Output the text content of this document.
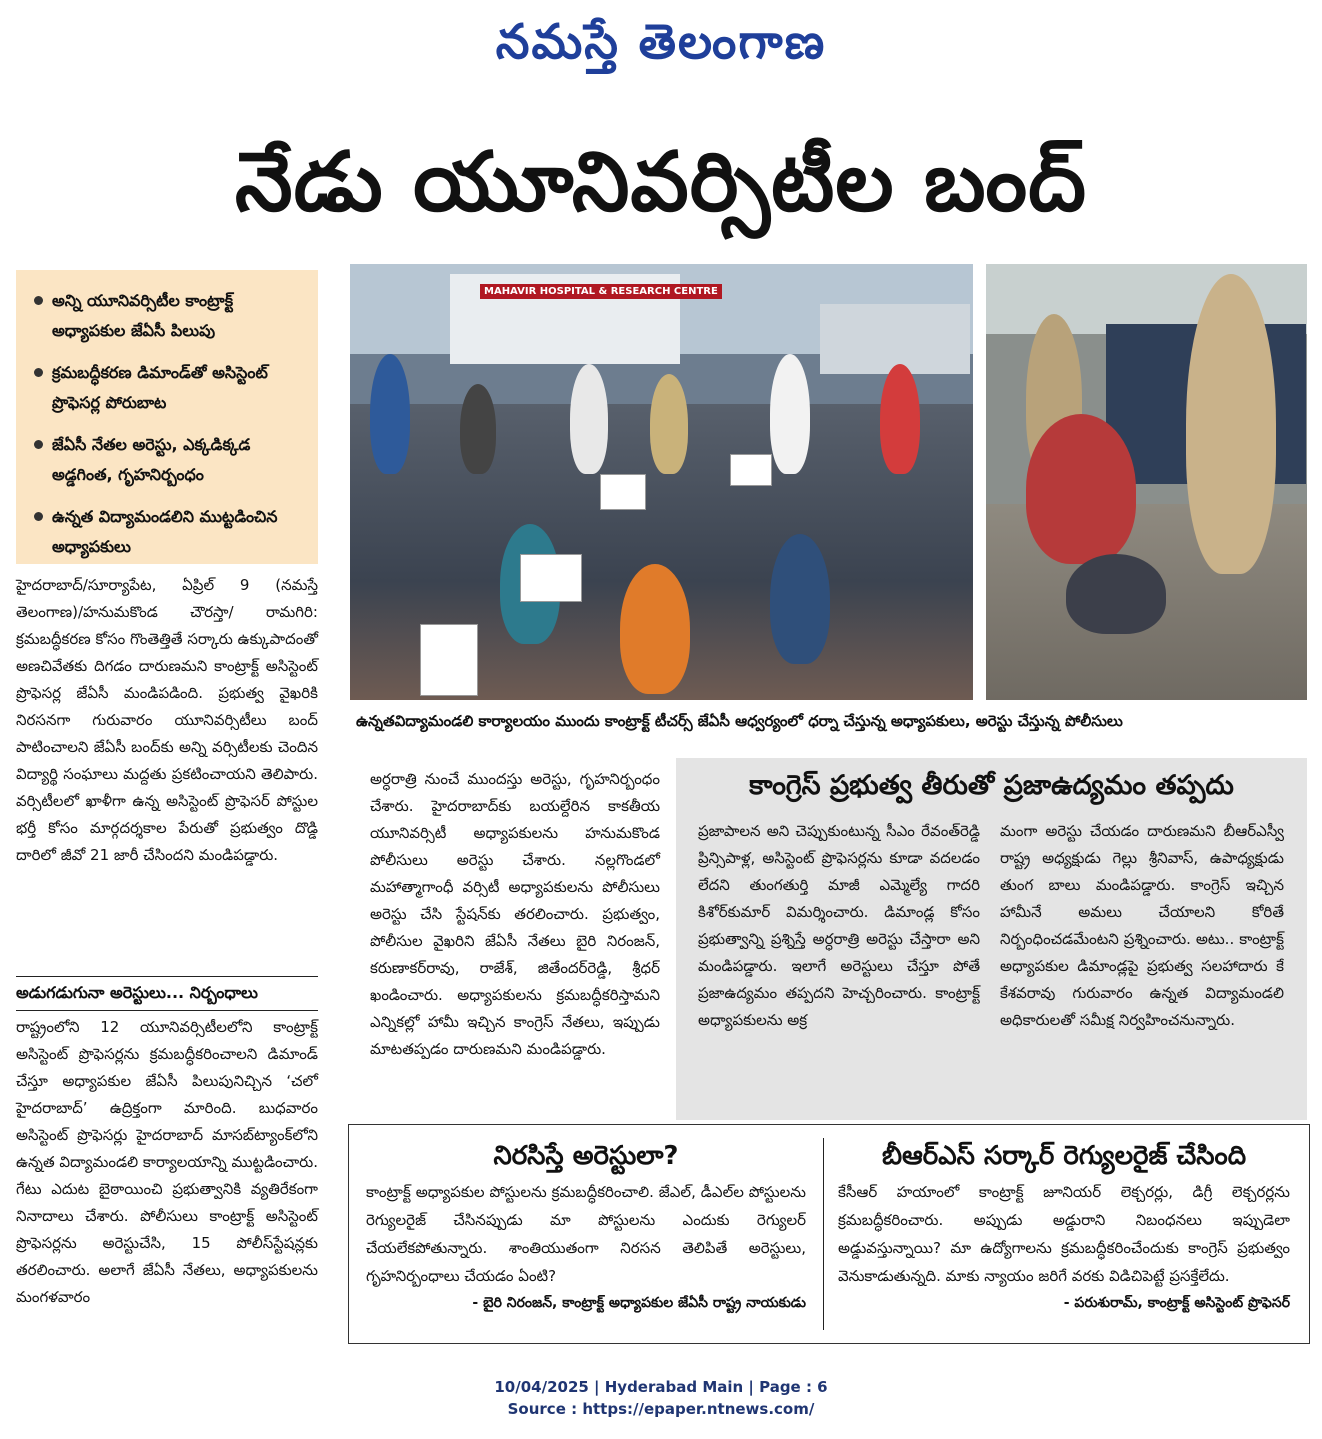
నమస్తే తెలంగాణ
నేడు యూనివర్సిటీల బంద్‌
అన్ని యూనివర్సిటీల కాంట్రాక్ట్‌ అధ్యాపకుల జేఏసీ పిలుపు
క్రమబద్ధీకరణ డిమాండ్‌తో అసిస్టెంట్‌ ప్రొఫెసర్ల పోరుబాట
జేఏసీ నేతల అరెస్టు, ఎక్కడిక్కడ అడ్డగింత, గృహనిర్బంధం
ఉన్నత విద్యామండలిని ముట్టడించిన అధ్యాపకులు
MAHAVIR HOSPITAL & RESEARCH CENTRE
ఉన్నతవిద్యామండలి కార్యాలయం ముందు కాంట్రాక్ట్‌ టీచర్స్‌ జేఏసీ ఆధ్వర్యంలో ధర్నా చేస్తున్న అధ్యాపకులు, అరెస్టు చేస్తున్న పోలీసులు

హైదరాబాద్‌/సూర్యాపేట, ఏప్రిల్‌ 9 (నమస్తే తెలంగాణ)/హనుమకొండ చౌరస్తా/ రామగిరి: క్రమబద్ధీకరణ కోసం గొంతెత్తితే సర్కారు ఉక్కుపాదంతో అణచివేతకు దిగడం దారుణమని కాంట్రాక్ట్‌ అసిస్టెంట్‌ ప్రొఫెసర్ల జేఏసీ మండిపడింది. ప్రభుత్వ వైఖరికి నిరసనగా గురువారం యూనివర్సిటీలు బంద్‌ పాటించాలని జేఏసీ బంద్‌కు అన్ని వర్సిటీలకు చెందిన విద్యార్థి సంఘాలు మద్దతు ప్రకటించాయని తెలిపారు. వర్సిటీలలో ఖాళీగా ఉన్న అసిస్టెంట్‌ ప్రొఫెసర్‌ పోస్టుల భర్తీ కోసం మార్గదర్శకాల పేరుతో ప్రభుత్వం దొడ్డి దారిలో జీవో 21 జారీ చేసిందని మండిపడ్డారు.

అడుగడుగునా అరెస్టులు... నిర్బంధాలు

రాష్ట్రంలోని 12 యూనివర్సిటీలలోని కాంట్రాక్ట్‌ అసిస్టెంట్‌ ప్రొఫెసర్లను క్రమబద్ధీకరించాలని డిమాండ్‌ చేస్తూ అధ్యాపకుల జేఏసీ పిలుపునిచ్చిన ‘చలో హైదరాబాద్‌’ ఉద్రిక్తంగా మారింది. బుధవారం అసిస్టెంట్‌ ప్రొఫెసర్లు హైదరాబాద్‌ మాసబ్‌ట్యాంక్‌లోని ఉన్నత విద్యామండలి కార్యాలయాన్ని ముట్టడించారు. గేటు ఎదుట బైఠాయించి ప్రభుత్వానికి వ్యతిరేకంగా నినాదాలు చేశారు. పోలీసులు కాంట్రాక్ట్‌ అసిస్టెంట్‌ ప్రొఫెసర్లను అరెస్టుచేసి, 15 పోలీస్‌స్టేషన్లకు తరలించారు. అలాగే జేఏసీ నేతలు, అధ్యాపకులను మంగళవారం

అర్ధరాత్రి నుంచే ముందస్తు అరెస్టు, గృహనిర్బంధం చేశారు. హైదరాబాద్‌కు బయల్దేరిన కాకతీయ యూనివర్సిటీ అధ్యాపకులను హనుమకొండ పోలీసులు అరెస్టు చేశారు. నల్లగొండలో మహాత్మాగాంధీ వర్సిటీ అధ్యాపకులను పోలీసులు అరెస్టు చేసి స్టేషన్‌కు తరలించారు. ప్రభుత్వం, పోలీసుల వైఖరిని జేఏసీ నేతలు బైరి నిరంజన్‌, కరుణాకర్‌రావు, రాజేశ్‌, జితేందర్‌రెడ్డి, శ్రీధర్‌ ఖండించారు. అధ్యాపకులను క్రమబద్ధీకరిస్తామని ఎన్నికల్లో హామీ ఇచ్చిన కాంగ్రెస్‌ నేతలు, ఇప్పుడు మాటతప్పడం దారుణమని మండిపడ్డారు.

కాంగ్రెస్‌ ప్రభుత్వ తీరుతో ప్రజాఉద్యమం తప్పదు

ప్రజాపాలన అని చెప్పుకుంటున్న సీఎం రేవంత్‌రెడ్డి ప్రిన్సిపాళ్ల, అసిస్టెంట్‌ ప్రొఫెసర్లను కూడా వదలడం లేదని తుంగతుర్తి మాజీ ఎమ్మెల్యే గాదరి కిశోర్‌కుమార్‌ విమర్శించారు. డిమాండ్ల కోసం ప్రభుత్వాన్ని ప్రశ్నిస్తే అర్ధరాత్రి అరెస్టు చేస్తారా అని మండిపడ్డారు. ఇలాగే అరెస్టులు చేస్తూ పోతే ప్రజాఉద్యమం తప్పదని హెచ్చరించారు. కాంట్రాక్ట్‌ అధ్యాపకులను అక్ర

మంగా అరెస్టు చేయడం దారుణమని బీఆర్‌ఎస్వీ రాష్ట్ర అధ్యక్షుడు గెల్లు శ్రీనివాస్‌, ఉపాధ్యక్షుడు తుంగ బాలు మండిపడ్డారు. కాంగ్రెస్‌ ఇచ్చిన హామీనే అమలు చేయాలని కోరితే నిర్బంధించడమేంటని ప్రశ్నించారు. అటు.. కాంట్రాక్ట్‌ అధ్యాపకుల డిమాండ్లపై ప్రభుత్వ సలహాదారు కే కేశవరావు గురువారం ఉన్నత విద్యామండలి అధికారులతో సమీక్ష నిర్వహించనున్నారు.

నిరసిస్తే అరెస్టులా?
కాంట్రాక్ట్‌ అధ్యాపకుల పోస్టులను క్రమబద్ధీకరించాలి. జేఎల్‌, డీఎల్‌ల పోస్టులను రెగ్యులరైజ్‌ చేసినప్పుడు మా పోస్టులను ఎందుకు రెగ్యులర్‌ చేయలేకపోతున్నారు. శాంతియుతంగా నిరసన తెలిపితే అరెస్టులు, గృహనిర్బంధాలు చేయడం ఏంటి?
- బైరి నిరంజన్‌, కాంట్రాక్ట్‌ అధ్యాపకుల జేఏసీ రాష్ట్ర నాయకుడు
బీఆర్‌ఎస్‌ సర్కార్‌ రెగ్యులరైజ్‌ చేసింది
కేసీఆర్‌ హయాంలో కాంట్రాక్ట్‌ జూనియర్‌ లెక్చరర్లు, డిగ్రీ లెక్చరర్లను క్రమబద్ధీకరించారు. అప్పుడు అడ్డురాని నిబంధనలు ఇప్పుడెలా అడ్డువస్తున్నాయి? మా ఉద్యోగాలను క్రమబద్ధీకరించేందుకు కాంగ్రెస్‌ ప్రభుత్వం వెనుకాడుతున్నది. మాకు న్యాయం జరిగే వరకు విడిచిపెట్టే ప్రసక్తేలేదు.
- పరుశురామ్‌, కాంట్రాక్ట్‌ అసిస్టెంట్‌ ప్రొఫెసర్‌
10/04/2025 | Hyderabad Main | Page : 6
Source : https://epaper.ntnews.com/
